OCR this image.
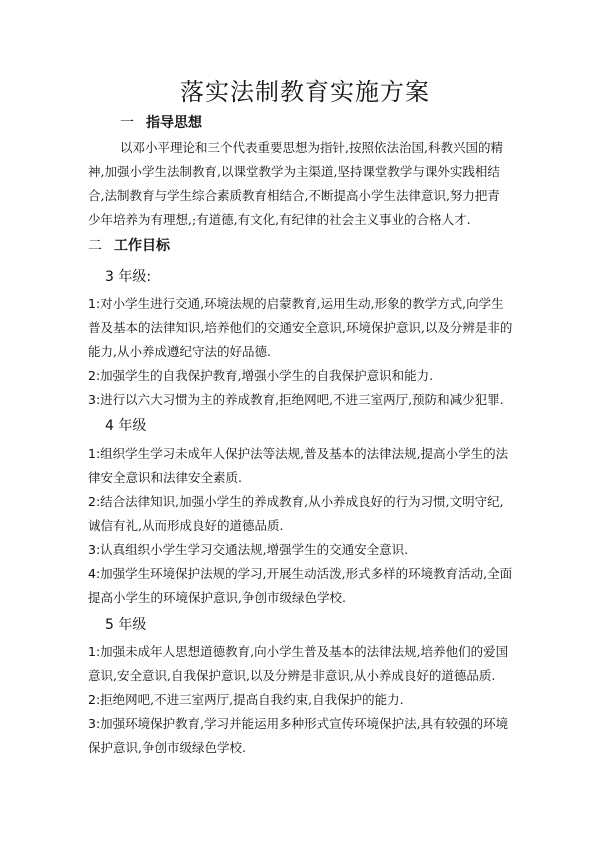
落实法制教育实施方案
一 指导思想

以邓小平理论和三个代表重要思想为指针,按照依法治国,科教兴国的精神,加强小学生法制教育,以课堂教学为主渠道,坚持课堂教学与课外实践相结合,法制教育与学生综合素质教育相结合,不断提高小学生法律意识,努力把青少年培养为有理想,;有道德,有文化,有纪律的社会主义事业的合格人才.

二 工作目标
3 年级:

1:对小学生进行交通,环境法规的启蒙教育,运用生动,形象的教学方式,向学生普及基本的法律知识,培养他们的交通安全意识,环境保护意识,以及分辨是非的能力,从小养成遵纪守法的好品德.

2:加强学生的自我保护教育,增强小学生的自我保护意识和能力.

3:进行以六大习惯为主的养成教育,拒绝网吧,不进三室两厅,预防和减少犯罪.

4 年级

1:组织学生学习未成年人保护法等法规,普及基本的法律法规,提高小学生的法律安全意识和法律安全素质.

2:结合法律知识,加强小学生的养成教育,从小养成良好的行为习惯,文明守纪,诚信有礼,从而形成良好的道德品质.

3:认真组织小学生学习交通法规,增强学生的交通安全意识.

4:加强学生环境保护法规的学习,开展生动活泼,形式多样的环境教育活动,全面提高小学生的环境保护意识,争创市级绿色学校.

5 年级

1:加强未成年人思想道德教育,向小学生普及基本的法律法规,培养他们的爱国意识,安全意识,自我保护意识,以及分辨是非意识,从小养成良好的道德品质.

2:拒绝网吧,不进三室两厅,提高自我约束,自我保护的能力.

3:加强环境保护教育,学习并能运用多种形式宣传环境保护法,具有较强的环境保护意识,争创市级绿色学校.
